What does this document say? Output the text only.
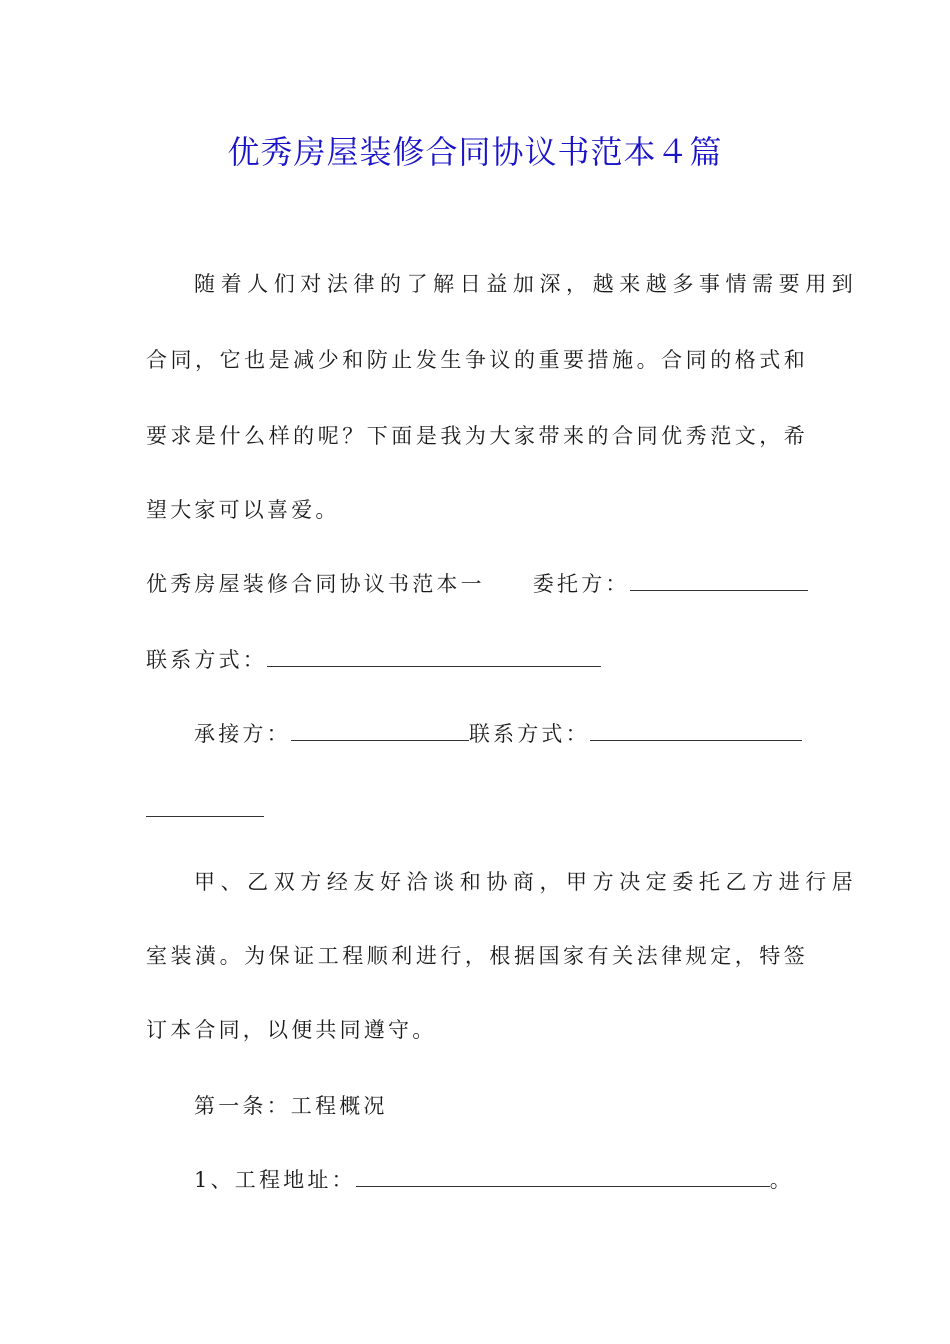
优秀房屋装修合同协议书范本４篇
随着人们对法律的了解日益加深，越来越多事情需要用到
合同，它也是减少和防止发生争议的重要措施。合同的格式和
要求是什么样的呢？下面是我为大家带来的合同优秀范文，希
望大家可以喜爱。
优秀房屋装修合同协议书范本一 委托方：
联系方式：
承接方：	联系方式：
甲、乙双方经友好洽谈和协商，甲方决定委托乙方进行居
室装潢。为保证工程顺利进行，根据国家有关法律规定，特签
订本合同，以便共同遵守。
第一条：工程概况
1、工程地址：	。
